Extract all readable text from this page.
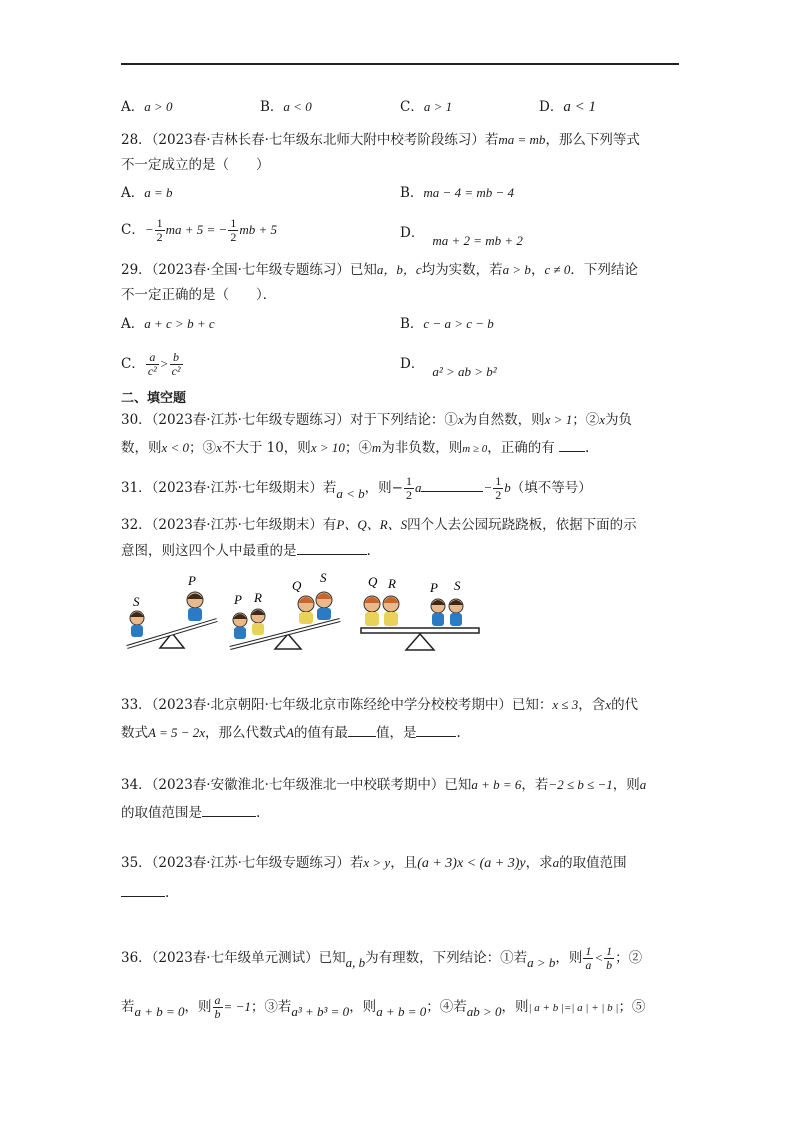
A．a > 0	B．a < 0	C．a > 1	D．a < 1
28．（2023春·吉林长春·七年级东北师大附中校考阶段练习）若ma = mb，那么下列等式
不一定成立的是（　　）
A．a = b	B．ma − 4 = mb − 4
C．− $\frac{1}{2}$ ma + 5 = − $\frac{1}{2}$ mb + 5	D． ma + 2 = mb + 2
29．（2023春·全国·七年级专题练习）已知a，b，c均为实数，若a > b，c ≠ 0．下列结论
不一定正确的是（　　）．
A．a + c > b + c	B．c − a > c − b
C． $\frac{a}{\text{c²}} > \frac{b}{\text{c²}}$	D． a² > ab > b²
二、填空题
30．（2023春·江苏·七年级专题练习）对于下列结论：①x为自然数，则x > 1；②x为负
数，则x < 0；③x不大于 10，则x > 10；④m为非负数，则m ≥ 0，正确的有 .
31．（2023春·江苏·七年级期末）若a < b，则− $\frac{1}{2}$ a	− $\frac{1}{2} b$（填不等号）
32．（2023春·江苏·七年级期末）有P、Q、R、S四个人去公园玩跷跷板，依据下面的示
意图，则这四个人中最重的是	.
S
P
P R
Q
S	Q R	P S
33．（2023春·北京朝阳·七年级北京市陈经纶中学分校校考期中）已知：x ≤ 3，含x的代
数式A = 5 − 2x，那么代数式A的值有最 值，是	.
34．（2023春·安徽淮北·七年级淮北一中校联考期中）已知a + b = 6，若−2 ≤ b ≤ −1，则a
的取值范围是	.
35．（2023春·江苏·七年级专题练习）若x > y，且(a + 3)x < (a + 3)y，求a的取值范围
.
36．（2023春·七年级单元测试）已知a, b为有理数，下列结论：①若a > b，则 $\frac{1}{a} < \frac{1}{b}$ ；②
若a + b = 0，则 $\frac{a}{b} = -1$；③若a³ + b³ = 0，则a + b = 0；④若ab > 0，则| a + b |=| a | + | b |；⑤
